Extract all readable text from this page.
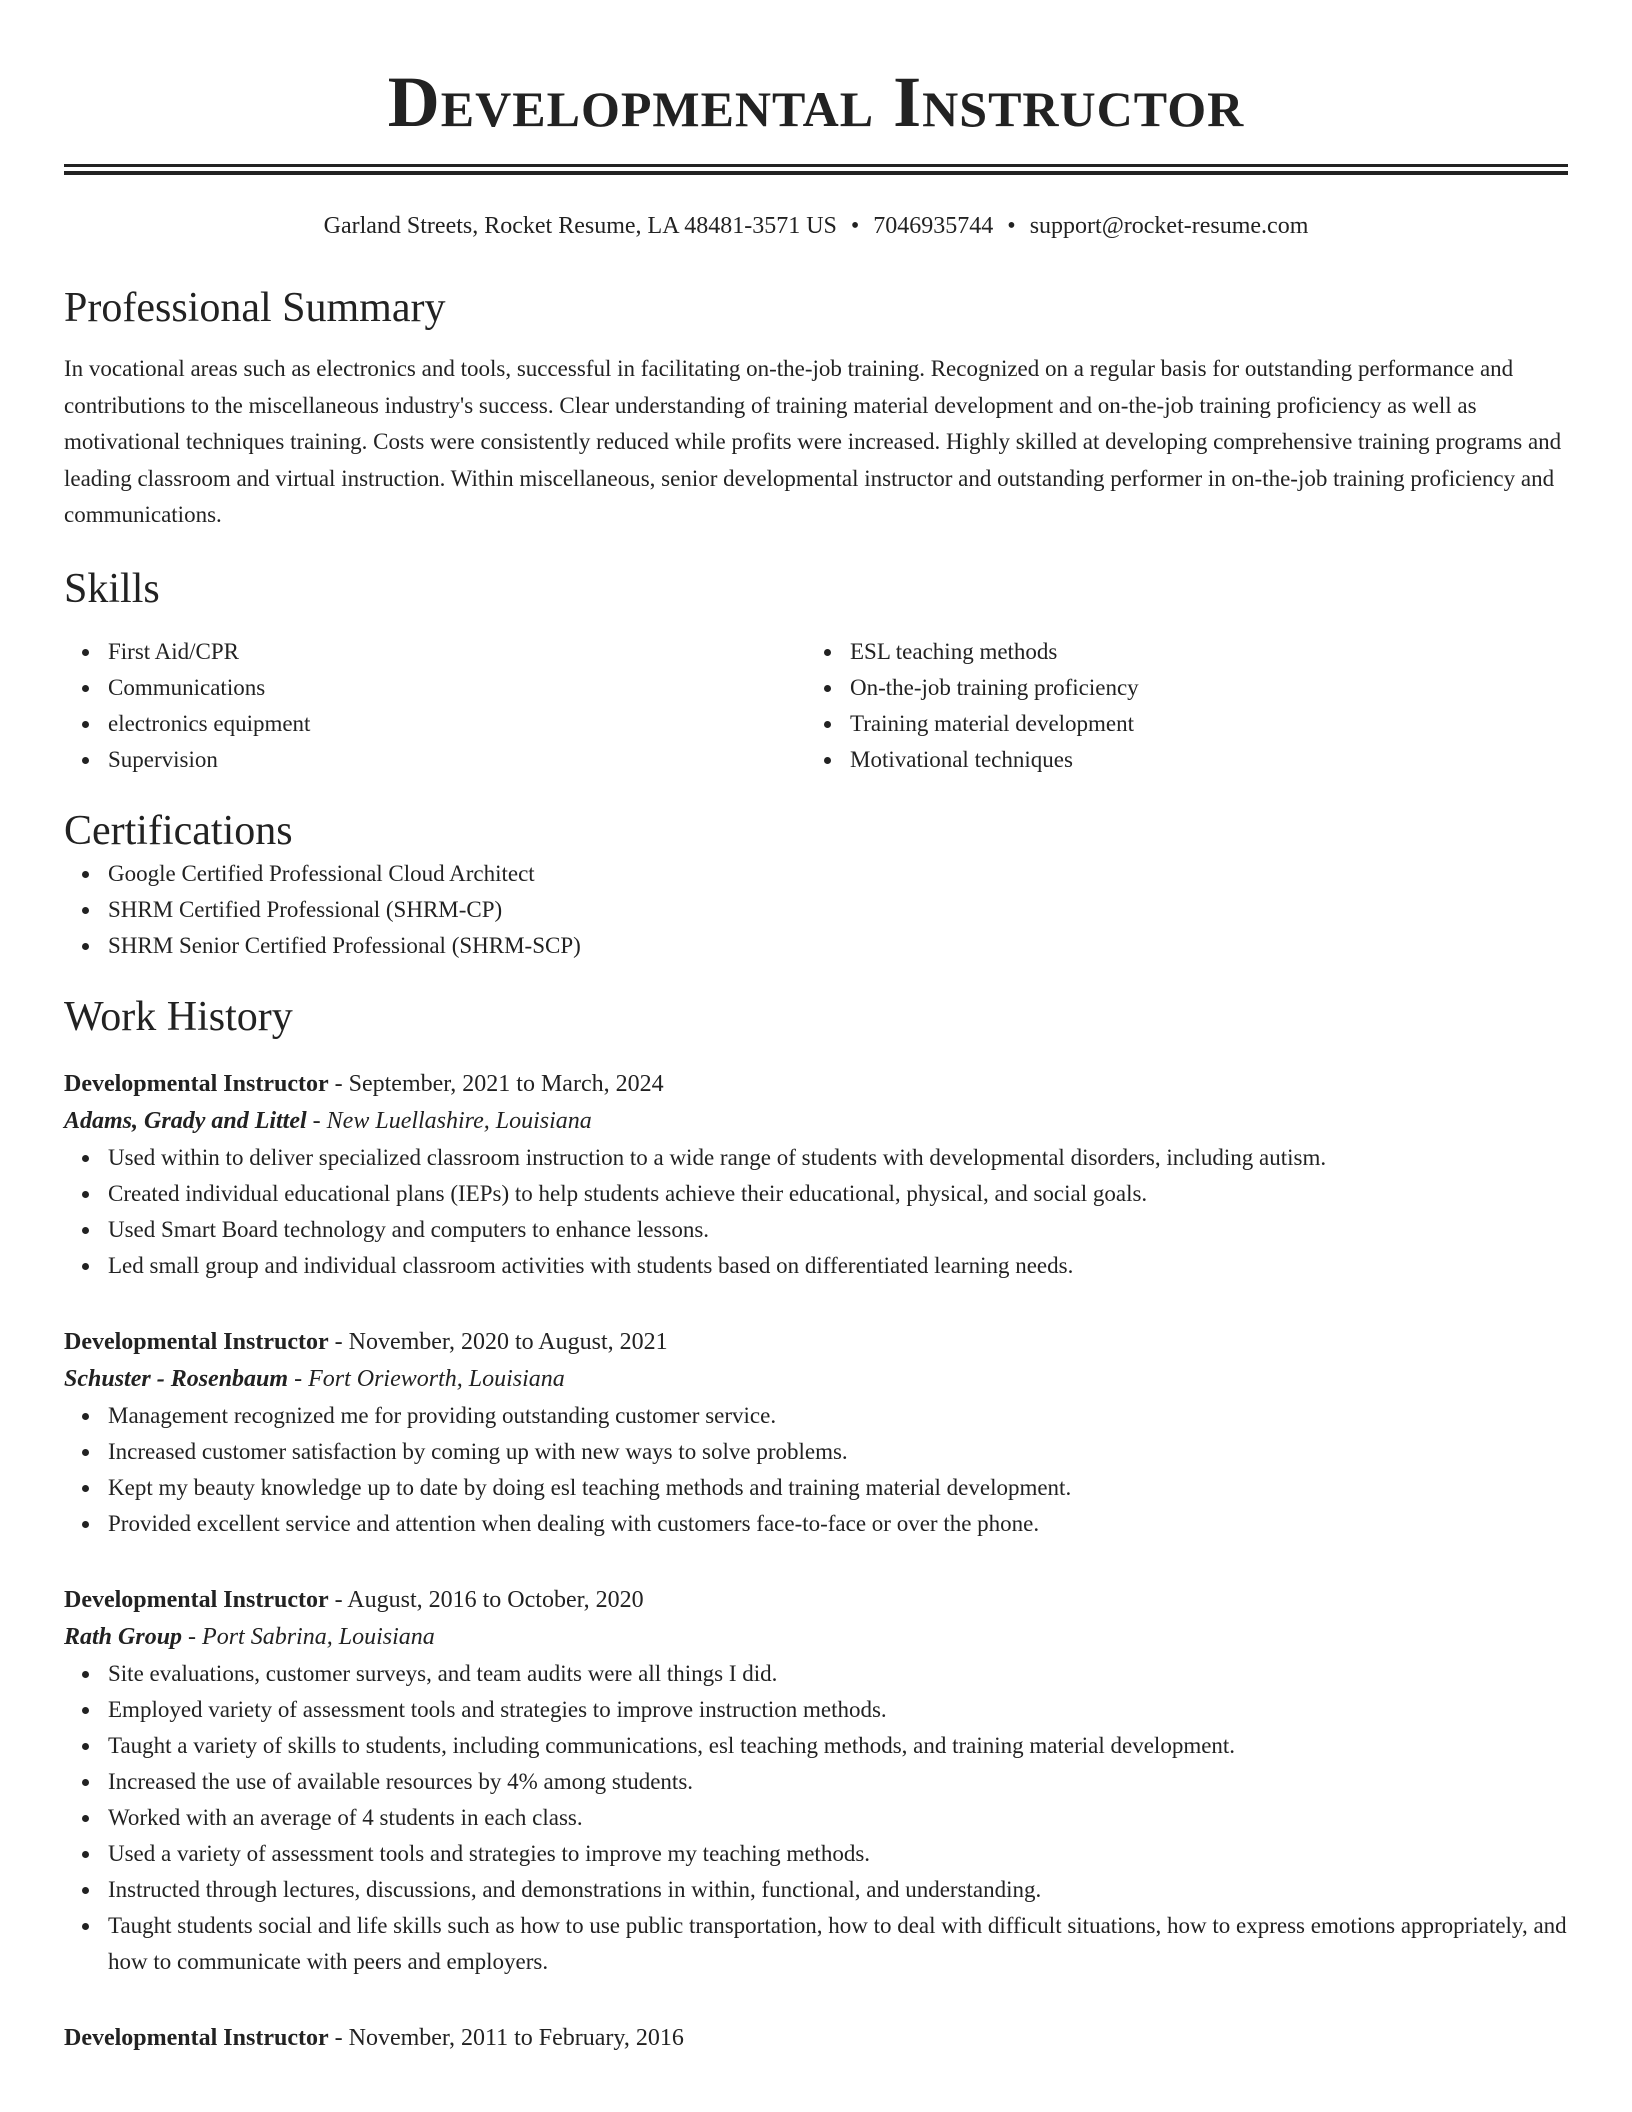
Developmental Instructor
Garland Streets, Rocket Resume, LA 48481-3571 US • 7046935744 • support@rocket-resume.com
Professional Summary

In vocational areas such as electronics and tools, successful in facilitating on-the-job training. Recognized on a regular basis for outstanding performance and contributions to the miscellaneous industry's success. Clear understanding of training material development and on-the-job training proficiency as well as motivational techniques training. Costs were consistently reduced while profits were increased. Highly skilled at developing comprehensive training programs and leading classroom and virtual instruction. Within miscellaneous, senior developmental instructor and outstanding performer in on-the-job training proficiency and communications.

Skills
First Aid/CPR
Communications
electronics equipment
Supervision
ESL teaching methods
On-the-job training proficiency
Training material development
Motivational techniques
Certifications
Google Certified Professional Cloud Architect
SHRM Certified Professional (SHRM-CP)
SHRM Senior Certified Professional (SHRM-SCP)
Work History
Developmental Instructor - September, 2021 to March, 2024
Adams, Grady and Littel - New Luellashire, Louisiana
Used within to deliver specialized classroom instruction to a wide range of students with developmental disorders, including autism.
Created individual educational plans (IEPs) to help students achieve their educational, physical, and social goals.
Used Smart Board technology and computers to enhance lessons.
Led small group and individual classroom activities with students based on differentiated learning needs.
Developmental Instructor - November, 2020 to August, 2021
Schuster - Rosenbaum - Fort Orieworth, Louisiana
Management recognized me for providing outstanding customer service.
Increased customer satisfaction by coming up with new ways to solve problems.
Kept my beauty knowledge up to date by doing esl teaching methods and training material development.
Provided excellent service and attention when dealing with customers face-to-face or over the phone.
Developmental Instructor - August, 2016 to October, 2020
Rath Group - Port Sabrina, Louisiana
Site evaluations, customer surveys, and team audits were all things I did.
Employed variety of assessment tools and strategies to improve instruction methods.
Taught a variety of skills to students, including communications, esl teaching methods, and training material development.
Increased the use of available resources by 4% among students.
Worked with an average of 4 students in each class.
Used a variety of assessment tools and strategies to improve my teaching methods.
Instructed through lectures, discussions, and demonstrations in within, functional, and understanding.
Taught students social and life skills such as how to use public transportation, how to deal with difficult situations, how to express emotions appropriately, and how to communicate with peers and employers.
Developmental Instructor - November, 2011 to February, 2016
